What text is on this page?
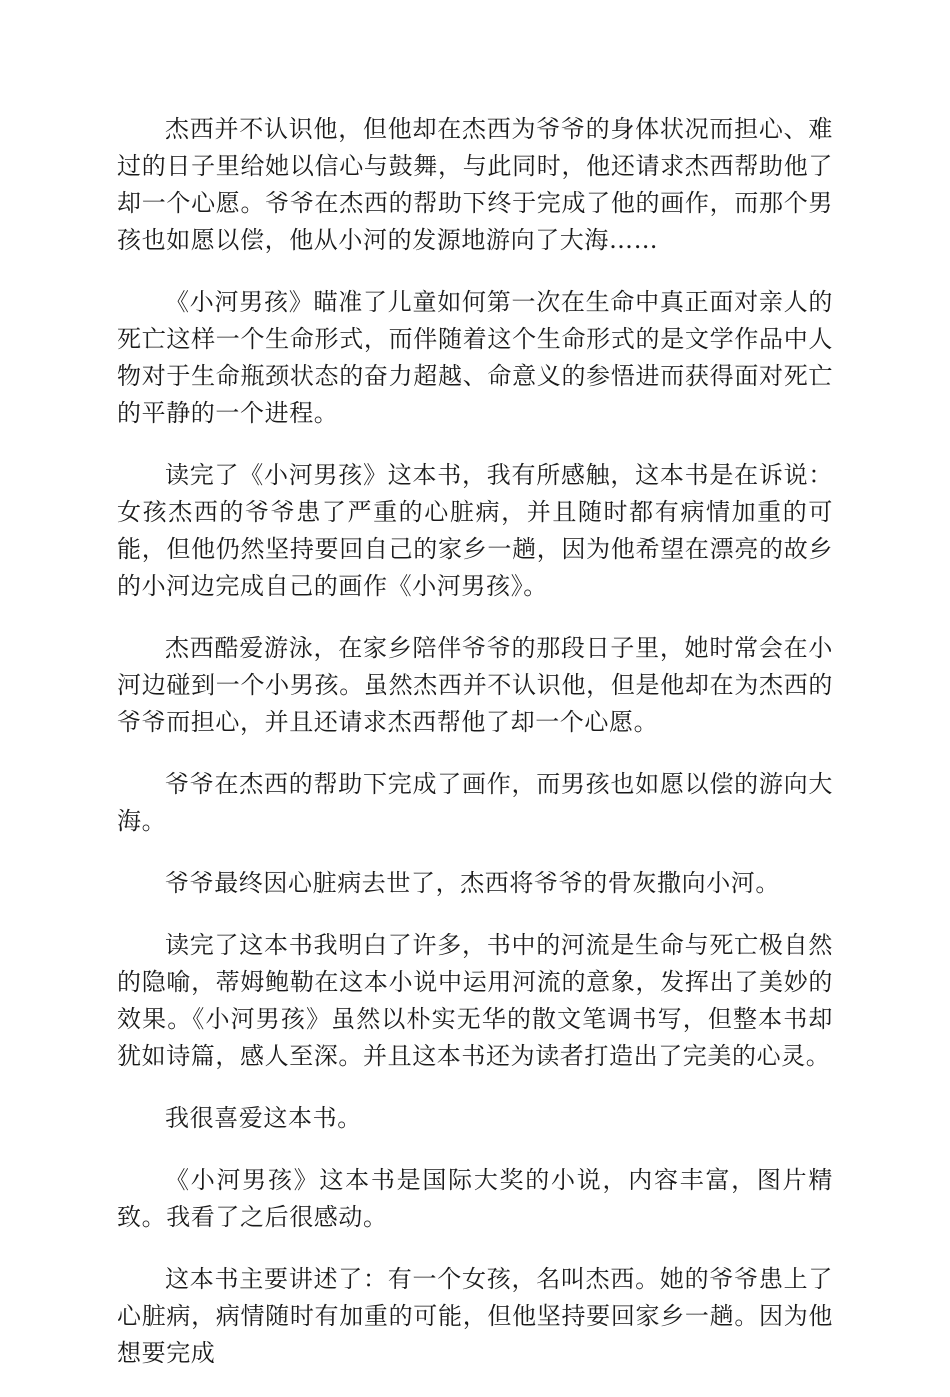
杰西并不认识他，但他却在杰西为爷爷的身体状况而担心、难过的日子里给她以信心与鼓舞，与此同时，他还请求杰西帮助他了却一个心愿。爷爷在杰西的帮助下终于完成了他的画作，而那个男孩也如愿以偿，他从小河的发源地游向了大海……

《小河男孩》瞄准了儿童如何第一次在生命中真正面对亲人的死亡这样一个生命形式，而伴随着这个生命形式的是文学作品中人物对于生命瓶颈状态的奋力超越、命意义的参悟进而获得面对死亡的平静的一个进程。

读完了《小河男孩》这本书，我有所感触，这本书是在诉说：女孩杰西的爷爷患了严重的心脏病，并且随时都有病情加重的可能，但他仍然坚持要回自己的家乡一趟，因为他希望在漂亮的故乡的小河边完成自己的画作《小河男孩》。

杰西酷爱游泳，在家乡陪伴爷爷的那段日子里，她时常会在小河边碰到一个小男孩。虽然杰西并不认识他，但是他却在为杰西的爷爷而担心，并且还请求杰西帮他了却一个心愿。

爷爷在杰西的帮助下完成了画作，而男孩也如愿以偿的游向大海。

爷爷最终因心脏病去世了，杰西将爷爷的骨灰撒向小河。

读完了这本书我明白了许多，书中的河流是生命与死亡极自然的隐喻，蒂姆鲍勒在这本小说中运用河流的意象，发挥出了美妙的效果。《小河男孩》虽然以朴实无华的散文笔调书写，但整本书却犹如诗篇，感人至深。并且这本书还为读者打造出了完美的心灵。

我很喜爱这本书。

《小河男孩》这本书是国际大奖的小说，内容丰富，图片精致。我看了之后很感动。

这本书主要讲述了：有一个女孩，名叫杰西。她的爷爷患上了心脏病，病情随时有加重的可能，但他坚持要回家乡一趟。因为他想要完成
